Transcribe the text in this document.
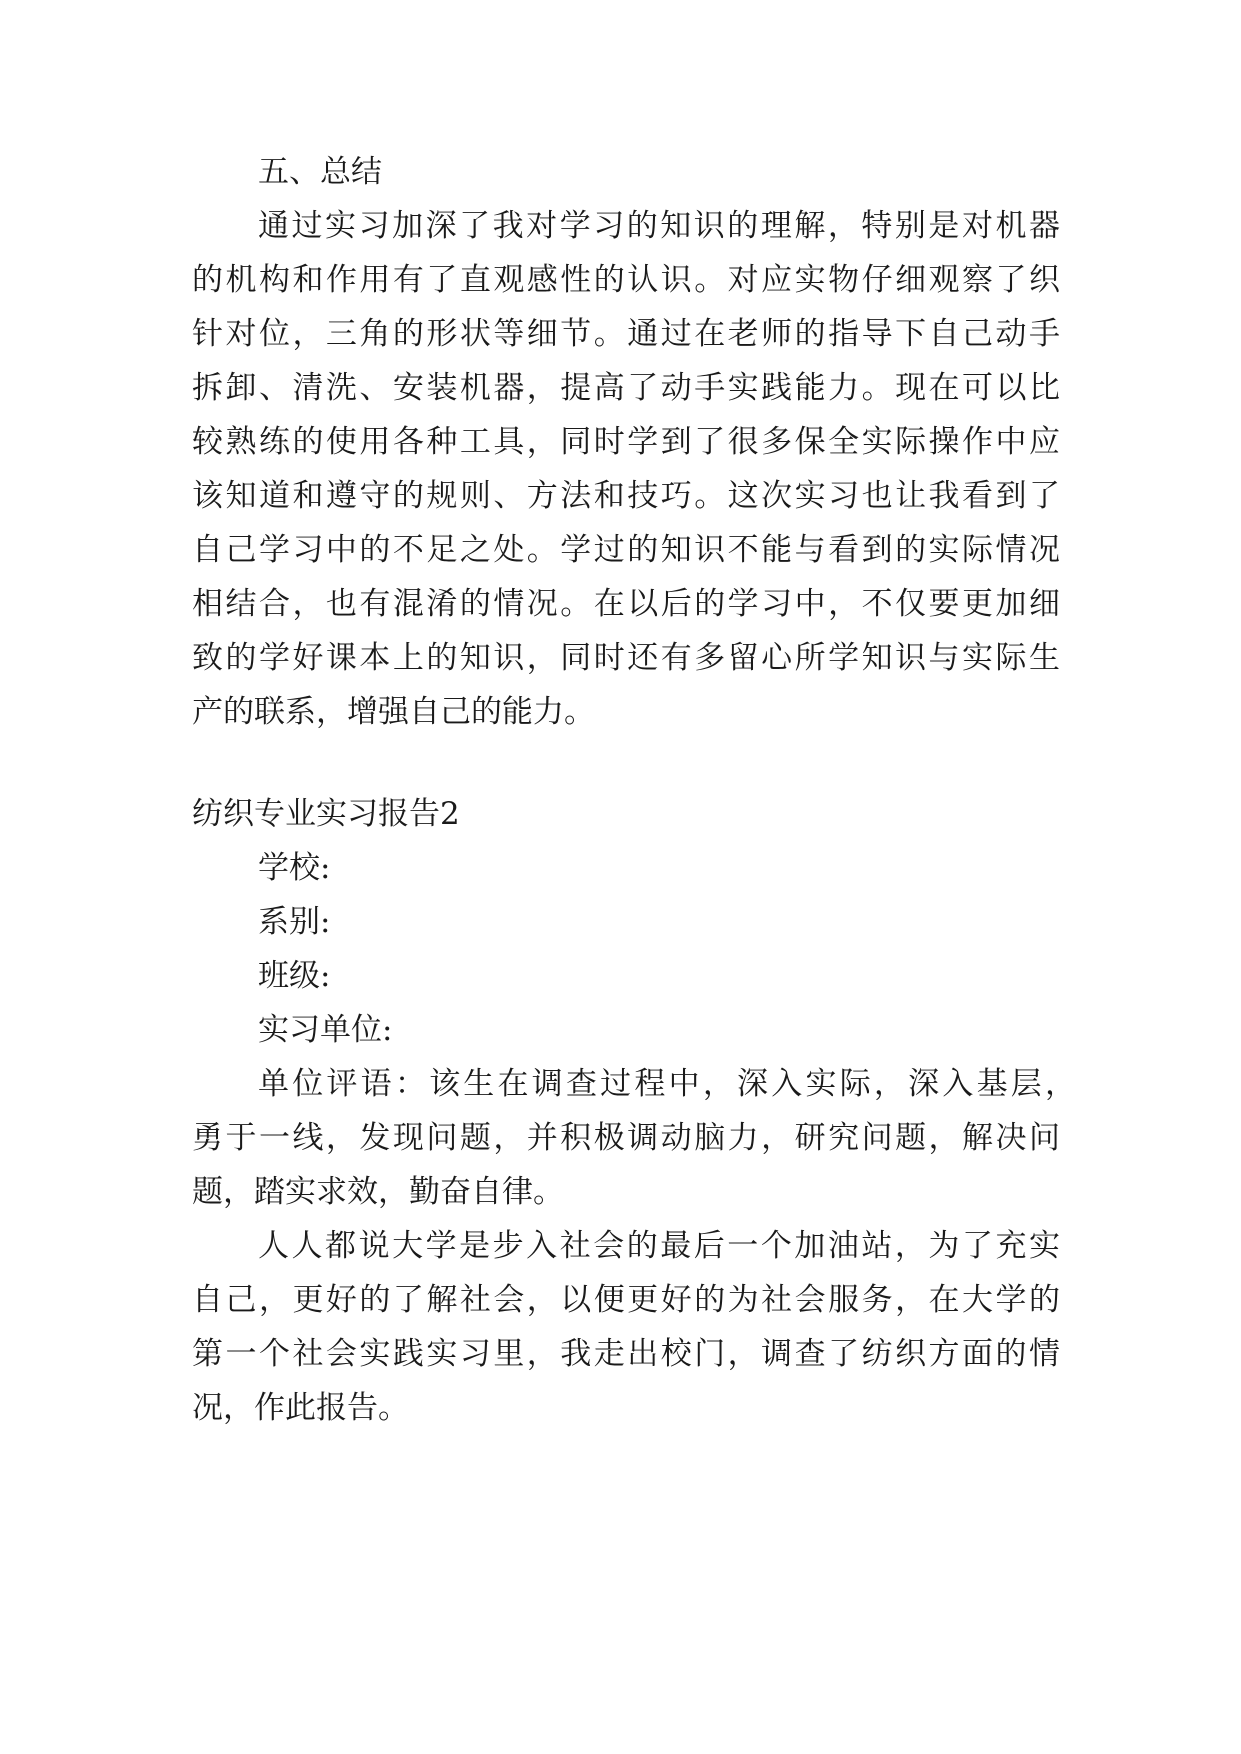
五、总结
通过实习加深了我对学习的知识的理解，特别是对机器
的机构和作用有了直观感性的认识。对应实物仔细观察了织
针对位，三角的形状等细节。通过在老师的指导下自己动手
拆卸、清洗、安装机器，提高了动手实践能力。现在可以比
较熟练的使用各种工具，同时学到了很多保全实际操作中应
该知道和遵守的规则、方法和技巧。这次实习也让我看到了
自己学习中的不足之处。学过的知识不能与看到的实际情况
相结合，也有混淆的情况。在以后的学习中，不仅要更加细
致的学好课本上的知识，同时还有多留心所学知识与实际生
产的联系，增强自己的能力。
纺织专业实习报告2
学校:
系别:
班级:
实习单位:
单位评语：该生在调查过程中，深入实际，深入基层，
勇于一线，发现问题，并积极调动脑力，研究问题，解决问
题，踏实求效，勤奋自律。
人人都说大学是步入社会的最后一个加油站，为了充实
自己，更好的了解社会，以便更好的为社会服务，在大学的
第一个社会实践实习里，我走出校门，调查了纺织方面的情
况，作此报告。
